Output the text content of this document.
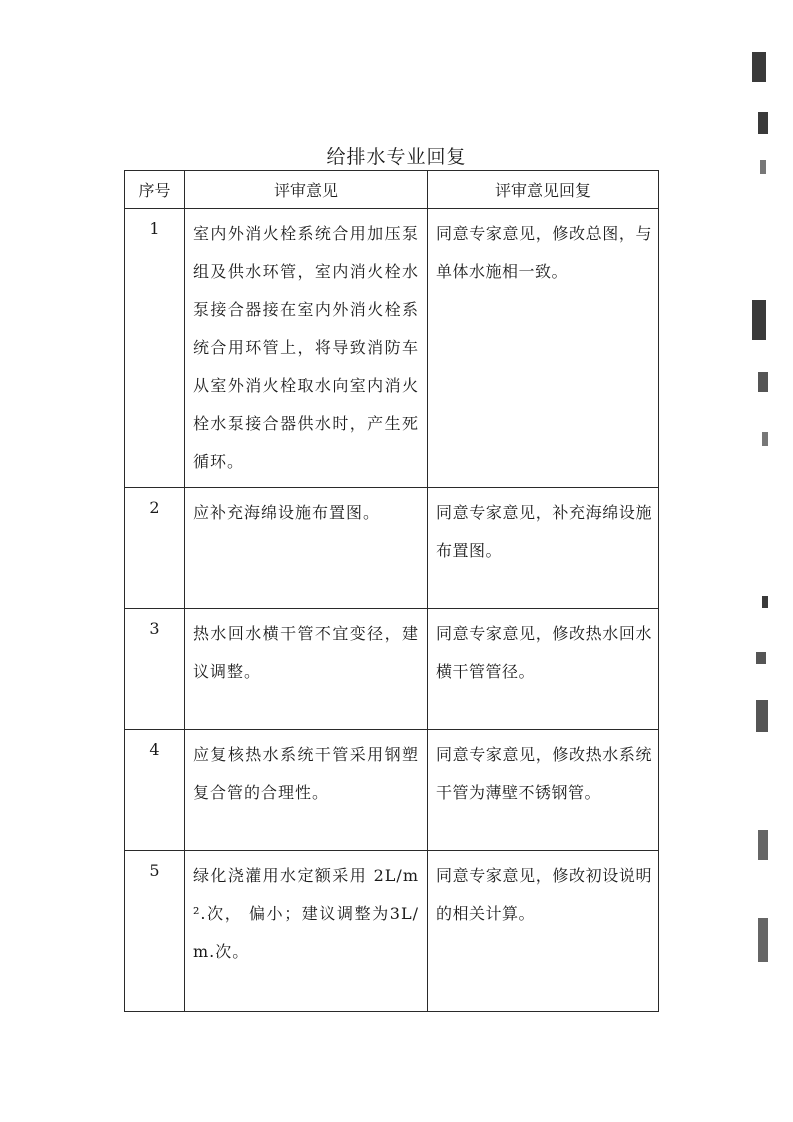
给排水专业回复
序号	评审意见	评审意见回复
1	室内外消火栓系统合用加压泵组及供水环管，室内消火栓水泵接合器接在室内外消火栓系统合用环管上，将导致消防车从室外消火栓取水向室内消火栓水泵接合器供水时，产生死循环。	同意专家意见，修改总图，与单体水施相一致。
2	应补充海绵设施布置图。	同意专家意见，补充海绵设施布置图。
3	热水回水横干管不宜变径，建议调整。	同意专家意见，修改热水回水横干管管径。
4	应复核热水系统干管采用钢塑复合管的合理性。	同意专家意见，修改热水系统干管为薄壁不锈钢管。
5	绿化浇灌用水定额采用 2L/m².次， 偏小；建议调整为3L/m.次。	同意专家意见，修改初设说明的相关计算。
